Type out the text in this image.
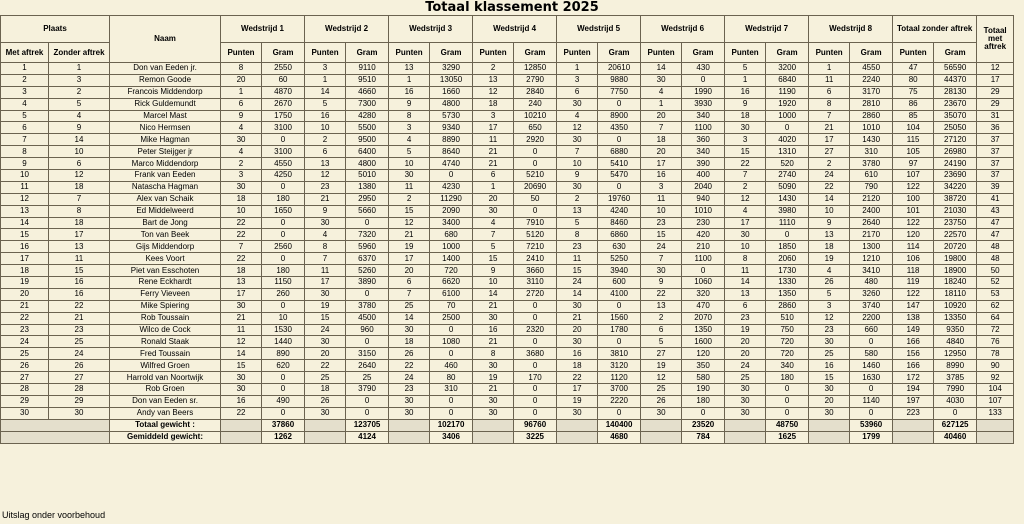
Totaal klassement 2025
Plaats		Naam	Wedstrijd 1		Wedstrijd 2		Wedstrijd 3		Wedstrijd 4		Wedstrijd 5		Wedstrijd 6		Wedstrijd 7		Wedstrijd 8		Totaal zonder aftrek		Totaal met aftrek
Met aftrek	Zonder aftrek		Punten	Gram	Punten	Gram	Punten	Gram	Punten	Gram	Punten	Gram	Punten	Gram	Punten	Gram	Punten	Gram	Punten	Gram	
1	1	Don van Eeden jr.	8	2550	3	9110	13	3290	2	12850	1	20610	14	430	5	3200	1	4550	47	56590	12
2	3	Remon Goode	20	60	1	9510	1	13050	13	2790	3	9880	30	0	1	6840	11	2240	80	44370	17
3	2	Francois Middendorp	1	4870	14	4660	16	1660	12	2840	6	7750	4	1990	16	1190	6	3170	75	28130	29
4	5	Rick Guldemundt	6	2670	5	7300	9	4800	18	240	30	0	1	3930	9	1920	8	2810	86	23670	29
5	4	Marcel Mast	9	1750	16	4280	8	5730	3	10210	4	8900	20	340	18	1000	7	2860	85	35070	31
6	9	Nico Hermsen	4	3100	10	5500	3	9340	17	650	12	4350	7	1100	30	0	21	1010	104	25050	36
7	14	Mike Hagman	30	0	2	9500	4	8890	11	2920	30	0	18	360	3	4020	17	1430	115	27120	37
8	10	Peter Steijger jr	4	3100	6	6400	5	8640	21	0	7	6880	20	340	15	1310	27	310	105	26980	37
9	6	Marco Middendorp	2	4550	13	4800	10	4740	21	0	10	5410	17	390	22	520	2	3780	97	24190	37
10	12	Frank van Eeden	3	4250	12	5010	30	0	6	5210	9	5470	16	400	7	2740	24	610	107	23690	37
11	18	Natascha Hagman	30	0	23	1380	11	4230	1	20690	30	0	3	2040	2	5090	22	790	122	34220	39
12	7	Alex van Schaik	18	180	21	2950	2	11290	20	50	2	19760	11	940	12	1430	14	2120	100	38720	41
13	8	Ed Middelweerd	10	1650	9	5660	15	2090	30	0	13	4240	10	1010	4	3980	10	2400	101	21030	43
14	18	Bart de Jong	22	0	30	0	12	3400	4	7910	5	8460	23	230	17	1110	9	2640	122	23750	47
15	17	Ton van Beek	22	0	4	7320	21	680	7	5120	8	6860	15	420	30	0	13	2170	120	22570	47
16	13	Gijs Middendorp	7	2560	8	5960	19	1000	5	7210	23	630	24	210	10	1850	18	1300	114	20720	48
17	11	Kees Voort	22	0	7	6370	17	1400	15	2410	11	5250	7	1100	8	2060	19	1210	106	19800	48
18	15	Piet van Esschoten	18	180	11	5260	20	720	9	3660	15	3940	30	0	11	1730	4	3410	118	18900	50
19	16	Rene Eckhardt	13	1150	17	3890	6	6620	10	3110	24	600	9	1060	14	1330	26	480	119	18240	52
20	16	Ferry Vieveen	17	260	30	0	7	6100	14	2720	14	4100	22	320	13	1350	5	3260	122	18110	53
21	22	Mike Spiering	30	0	19	3780	25	70	21	0	30	0	13	470	6	2860	3	3740	147	10920	62
22	21	Rob Toussain	21	10	15	4500	14	2500	30	0	21	1560	2	2070	23	510	12	2200	138	13350	64
23	23	Wilco de Cock	11	1530	24	960	30	0	16	2320	20	1780	6	1350	19	750	23	660	149	9350	72
24	25	Ronald Staak	12	1440	30	0	18	1080	21	0	30	0	5	1600	20	720	30	0	166	4840	76
25	24	Fred Toussain	14	890	20	3150	26	0	8	3680	16	3810	27	120	20	720	25	580	156	12950	78
26	26	Wilfred Groen	15	620	22	2640	22	460	30	0	18	3120	19	350	24	340	16	1460	166	8990	90
27	27	Harrold van Noortwijk	30	0	25	25	24	80	19	170	22	1120	12	580	25	180	15	1630	172	3785	92
28	28	Rob Groen	30	0	18	3790	23	310	21	0	17	3700	25	190	30	0	30	0	194	7990	104
29	29	Don van Eeden sr.	16	490	26	0	30	0	30	0	19	2220	26	180	30	0	20	1140	197	4030	107
30	30	Andy van Beers	22	0	30	0	30	0	30	0	30	0	30	0	30	0	30	0	223	0	133
		Totaal gewicht :		37860		123705		102170		96760		140400		23520		48750		53960		627125	
		Gemiddeld gewicht:		1262		4124		3406		3225		4680		784		1625		1799		40460	
Uitslag onder voorbehoud
